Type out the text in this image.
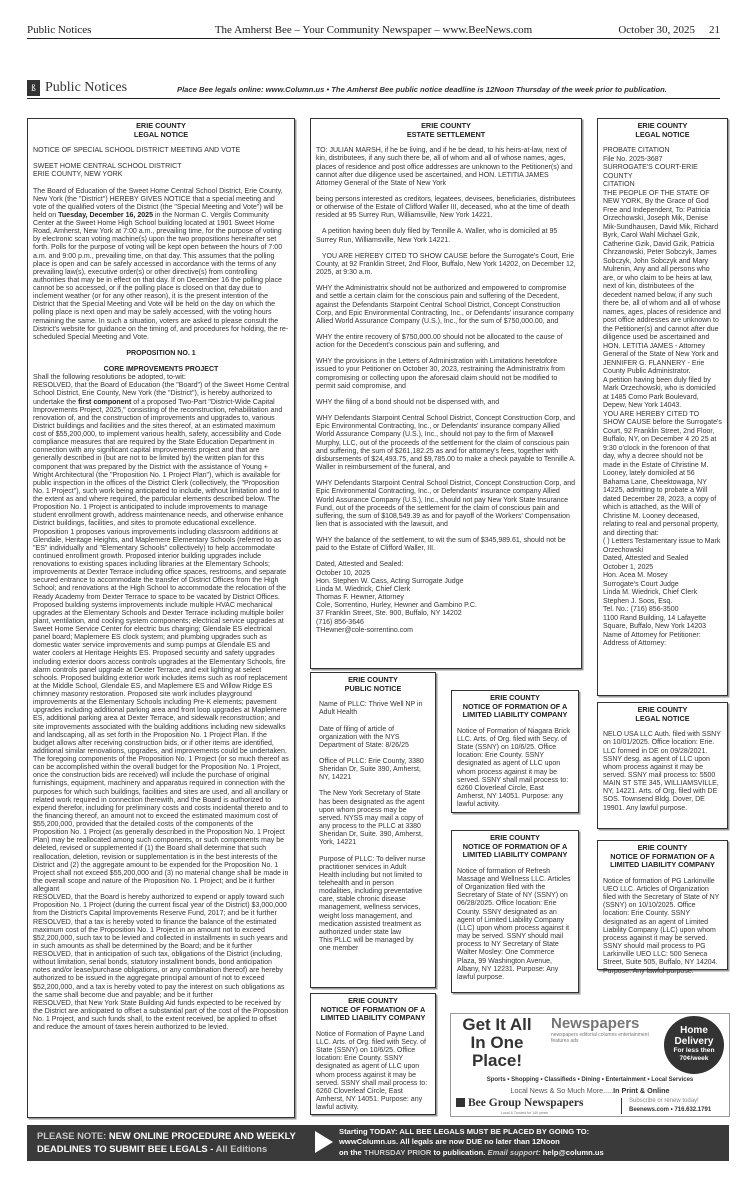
Public Notices	The Amherst Bee – Your Community Newspaper – www.BeeNews.com	October 30, 2025 21
ß Public Notices	Place Bee legals online: www.Column.us • The Amherst Bee public notice deadline is 12Noon Thursday of the week prior to publication.
ERIE COUNTY
LEGAL NOTICE

NOTICE OF SPECIAL SCHOOL DISTRICT MEETING AND VOTE

SWEET HOME CENTRAL SCHOOL DISTRICT
ERIE COUNTY, NEW YORK

The Board of Education of the Sweet Home Central School District, Erie County, New York (the "District") HEREBY GIVES NOTICE that a special meeting and vote of the qualified voters of the District (the "Special Meeting and Vote") will be held on Tuesday, December 16, 2025 in the Norman C. Vergils Community Center at the Sweet Home High School building located at 1901 Sweet Home Road, Amherst, New York at 7:00 a.m., prevailing time, for the purpose of voting by electronic scan voting machine(s) upon the two propositions hereinafter set forth. Polls for the purpose of voting will be kept open between the hours of 7:00 a.m. and 9:00 p.m., prevailing time, on that day. This assumes that the polling place is open and can be safely accessed in accordance with the terms of any prevailing law(s), executive order(s) or other directive(s) from controlling authorities that may be in effect on that day. If on December 16 the polling place cannot be so accessed, or if the polling place is closed on that day due to inclement weather (or for any other reason), it is the present intention of the District that the Special Meeting and Vote will be held on the day on which the polling place is next open and may be safely accessed, with the voting hours remaining the same. In such a situation, voters are asked to please consult the District's website for guidance on the timing of, and procedures for holding, the re-scheduled Special Meeting and Vote.

PROPOSITION NO. 1

CORE IMPROVEMENTS PROJECT

Shall the following resolutions be adopted, to-wit:

RESOLVED, that the Board of Education (the "Board") of the Sweet Home Central School District, Erie County, New York (the "District"), is hereby authorized to undertake the first component of a proposed Two-Part "District-Wide Capital Improvements Project, 2025," consisting of the reconstruction, rehabilitation and renovation of, and the construction of improvements and upgrades to, various District buildings and facilities and the sites thereof, at an estimated maximum cost of $55,200,000, to implement various health, safety, accessibility and Code compliance measures that are required by the State Education Department in connection with any significant capital improvements project and that are generally described in (but are not to be limited by) the written plan for this component that was prepared by the District with the assistance of Young + Wright Architectural (the "Proposition No. 1 Project Plan"), which is available for public inspection in the offices of the District Clerk (collectively, the "Proposition No. 1 Project"), such work being anticipated to include, without limitation and to the extent as and where required, the particular elements described below. The Proposition No. 1 Project is anticipated to include improvements to manage student enrollment growth, address maintenance needs, and otherwise enhance District buildings, facilities, and sites to promote educational excellence. Proposition 1 proposes various improvements including classroom additions at Glendale, Heritage Heights, and Maplemere Elementary Schools (referred to as "ES" individually and "Elementary Schools" collectively) to help accommodate continued enrollment growth. Proposed interior building upgrades include renovations to existing spaces including libraries at the Elementary Schools; improvements at Dexter Terrace including office spaces, restrooms, and separate secured entrance to accommodate the transfer of District Offices from the High School; and renovations at the High School to accommodate the relocation of the Ready Academy from Dexter Terrace to space to be vacated by District Offices. Proposed building systems improvements include multiple HVAC mechanical upgrades at the Elementary Schools and Dexter Terrace including multiple boiler plant, ventilation, and cooling system components; electrical service upgrades at Sweet Home Service Center for electric bus charging; Glendale ES electrical panel board; Maplemere ES clock system; and plumbing upgrades such as domestic water service improvements and sump pumps at Glendale ES and water coolers at Heritage Heights ES. Proposed security and safety upgrades including exterior doors access controls upgrades at the Elementary Schools, fire alarm controls panel upgrade at Dexter Terrace, and exit lighting at select schools. Proposed building exterior work includes items such as roof replacement at the Middle School, Glendale ES, and Maplemere ES and Willow Ridge ES chimney masonry restoration. Proposed site work includes playground improvements at the Elementary Schools including Pre-K elements; pavement upgrades including additional parking area and front loop upgrades at Maplemere ES, additional parking area at Dexter Terrace, and sidewalk reconstruction; and site improvements associated with the building additions including new sidewalks and landscaping, all as set forth in the Proposition No. 1 Project Plan. If the budget allows after receiving construction bids, or if other items are identified, additional similar renovations, upgrades, and improvements could be undertaken. The foregoing components of the Proposition No. 1 Project (or so much thereof as can be accomplished within the overall budget for the Proposition No. 1 Project, once the construction bids are received) will include the purchase of original furnishings, equipment, machinery and apparatus required in connection with the purposes for which such buildings, facilities and sites are used, and all ancillary or related work required in connection therewith, and the Board is authorized to expend therefor, including for preliminary costs and costs incidental thereto and to the financing thereof, an amount not to exceed the estimated maximum cost of $55,200,000, provided that the detailed costs of the components of the Proposition No. 1 Project (as generally described in the Proposition No. 1 Project Plan) may be reallocated among such components, or such components may be deleted, revised or supplemented if (1) the Board shall determine that such reallocation, deletion, revision or supplementation is in the best interests of the District and (2) the aggregate amount to be expended for the Proposition No. 1 Project shall not exceed $55,200,000 and (3) no material change shall be made in the overall scope and nature of the Proposition No. 1 Project; and be it further allegiant

RESOLVED, that the Board is hereby authorized to expend or apply toward such Proposition No. 1 Project (during the current fiscal year of the District) $3,000,000 from the District's Capital Improvements Reserve Fund, 2017; and be it further

RESOLVED, that a tax is hereby voted to finance the balance of the estimated maximum cost of the Proposition No. 1 Project in an amount not to exceed $52,200,000, such tax to be levied and collected in installments in such years and in such amounts as shall be determined by the Board; and be it further

RESOLVED, that in anticipation of such tax, obligations of the District (including, without limitation, serial bonds, statutory installment bonds, bond anticipation notes and/or lease/purchase obligations, or any combination thereof) are hereby authorized to be issued in the aggregate principal amount of not to exceed $52,200,000, and a tax is hereby voted to pay the interest on such obligations as the same shall become due and payable; and be it further

RESOLVED, that New York State Building Aid funds expected to be received by the District are anticipated to offset a substantial part of the cost of the Proposition No. 1 Project, and such funds shall, to the extent received, be applied to offset and reduce the amount of taxes herein authorized to be levied.

ERIE COUNTY
ESTATE SETTLEMENT

TO: JULIAN MARSH, if he be living, and if he be dead, to his heirs-at-law, next of kin, distributees, if any such there be, all of whom and all of whose names, ages, places of residence and post office addresses are unknown to the Petitioner(s) and cannot after due diligence used be ascertained, and HON. LETITIA JAMES Attorney General of the State of New York

being persons interested as creditors, legatees, devisees, beneficiaries, distributees or otherwise of the Estate of Clifford Waller III, deceased, who at the time of death resided at 95 Surrey Run, Williamsville, New York 14221.

A petition having been duly filed by Tennille A. Waller, who is domiciled at 95 Surrey Run, Williamsville, New York 14221.

YOU ARE HEREBY CITED TO SHOW CAUSE before the Surrogate's Court, Erie County, at 92 Franklin Street, 2nd Floor, Buffalo, New York 14202, on December 12, 2025, at 9:30 a.m.

WHY the Administratrix should not be authorized and empowered to compromise and settle a certain claim for the conscious pain and suffering of the Decedent, against the Defendants Starpoint Central School District, Concept Construction Corp, and Epic Environmental Contracting, Inc., or Defendants' insurance company Allied World Assurance Company (U.S.), Inc., for the sum of $750,000.00, and

WHY the entire recovery of $750,000.00 should not be allocated to the cause of action for the Decedent's conscious pain and suffering, and

WHY the provisions in the Letters of Administration with Limitations heretofore issued to your Petitioner on October 30, 2023, restraining the Administratrix from compromising or collecting upon the aforesaid claim should not be modified to permit said compromise, and

WHY the filing of a bond should not be dispensed with, and

WHY Defendants Starpoint Central School District, Concept Construction Corp, and Epic Environmental Contracting, Inc., or Defendants' insurance company Allied World Assurance Company (U.S.), Inc., should not pay to the firm of Maxwell Murphy, LLC, out of the proceeds of the settlement for the claim of conscious pain and suffering, the sum of $261,182.25 as and for attorney's fees, together with disbursements of $24,493.75, and $9,785.00 to make a check payable to Tennille A. Waller in reimbursement of the funeral, and

WHY Defendants Starpoint Central School District, Concept Construction Corp, and Epic Environmental Contracting, Inc., or Defendants' insurance company Allied World Assurance Company (U.S.), Inc., should not pay New York State Insurance Fund, out of the proceeds of the settlement for the claim of conscious pain and suffering, the sum of $108,549.39 as and for payoff of the Workers' Compensation lien that is associated with the lawsuit, and

WHY the balance of the settlement, to wit the sum of $345,989.61, should not be paid to the Estate of Clifford Waller, III.

Dated, Attested and Sealed:
October 10, 2025
Hon. Stephen W. Cass, Acting Surrogate Judge
Linda M. Wiedrick, Chief Clerk
Thomas F. Hewner, Attorney
Cole, Sorrentino, Hurley, Hewner and Gambino P.C.
37 Franklin Street, Ste. 900, Buffalo, NY 14202
(716) 856-3646
THewner@cole-sorrentino.com

ERIE COUNTY
LEGAL NOTICE

PROBATE CITATION
File No. 2025-3687
SURROGATE'S COURT-ERIE COUNTY
CITATION
THE PEOPLE OF THE STATE OF NEW YORK, By the Grace of God Free and Independent, To: Patricia Orzechowski, Joseph Mik, Denise Mik-Sundhausen, David Mik, Richard Byrk, Carol Wahl Michael Gzik, Catherine Gzik, David Gzik, Patricia Chrzanowski, Peter Sobczyk, James Sobczyk, John Sobczyk and Mary Mulrenin, Any and all persons who are, or who claim to be heirs at law, next of kin, distributees of the decedent named below, if any such there be, all of whom and all of whose names, ages, places of residence and post office addresses are unknown to the Petitioner(s) and cannot after due diligence used be ascertained and HON. LETITIA JAMES - Attorney General of the State of New York and JENNIFER G. FLANNERY - Erie County Public Administrator.
A petition having been duly filed by Mark Orzechowski, who is domiciled at 1485 Como Park Boulevard, Depew, New York 14043.
YOU ARE HEREBY CITED TO SHOW CAUSE before the Surrogate's Court, 92 Franklin Street, 2nd Floor, Buffalo, NY, on December 4 20 25 at 9:30 o'clock in the forenoon of that day, why a decree should not be made in the Estate of Christine M. Looney, lately domiciled at 56 Bahama Lane, Cheektowaga, NY 14225, admitting to probate a Will dated December 28, 2023, a copy of which is attached, as the Will of Christine M. Looney deceased, relating to real and personal property, and directing that:
( ) Letters Testamentary issue to Mark Orzechowski
Dated, Attested and Sealed
October 1, 2025
Hon. Acea M. Mosey
Surrogate's Court Judge
Linda M. Wiedrick, Chief Clerk
Stephen J. Soos, Esq.
Tel. No.: (716) 856-3500
1100 Rand Building, 14 Lafayette Square, Buffalo, New York 14203
Name of Attorney for Petitioner:
Address of Attorney:

ERIE COUNTY
PUBLIC NOTICE

Name of PLLC: Thrive Well NP in Adult Health

Date of filing of article of organization with the NYS Department of State: 8/26/25

Office of PLLC: Erie County, 3380 Sheridan Dr, Suite 390, Amherst, NY, 14221

The New York Secretary of State has been designated as the agent upon whom process may be served. NYSS may mail a copy of any process to the PLLC at 3380 Sheridan Dr, Suite. 390, Amherst, York, 14221

Purpose of PLLC: To deliver nurse practitioner services in Adult Health including but not limited to telehealth and in person modalities, including preventative care, stable chronic disease management, wellness services, weight loss management, and medication assisted treatment as authorized under state law

This PLLC will be managed by one member

ERIE COUNTY
NOTICE OF FORMATION OF A LIMITED LIABILITY COMPANY

Notice of Formation of Niagara Brick LLC. Arts. of Org. filed with Secy. of State (SSNY) on 10/6/25. Office location: Erie County. SSNY designated as agent of LLC upon whom process against it may be served. SSNY shall mail process to: 6260 Cloverleaf Circle, East Amherst, NY 14051. Purpose: any lawful activity.

ERIE COUNTY
NOTICE OF FORMATION OF A LIMITED LIABILITY COMPANY

Notice of formation of Refresh Massage and Wellness LLC. Articles of Organization filed with the Secretary of State of NY (SSNY) on 06/28/2025. Office location: Erie County. SSNY designated as an agent of Limited Liability Company (LLC) upon whom process against it may be served. SSNY should mail process to NY Secretary of State Walter Mosley: One Commerce Plaza, 99 Washington Avenue, Albany, NY 12231. Purpose: Any lawful purpose.

ERIE COUNTY
NOTICE OF FORMATION OF A LIMITED LIABILITY COMPANY

Notice of Formation of Payne Land LLC. Arts. of Org. filed with Secy. of State (SSNY) on 10/6/25. Office location: Erie County. SSNY designated as agent of LLC upon whom process against it may be served. SSNY shall mail process to: 6260 Cloverleaf Circle, East Amherst, NY 14051. Purpose: any lawful activity.

ERIE COUNTY
LEGAL NOTICE

NELO USA LLC Auth. filed with SSNY on 10/01/2025. Office location: Erie. LLC formed in DE on 09/28/2021. SSNY desg. as agent of LLC upon whom process against it may be served. SSNY mail process to: 5500 MAIN ST STE 345, WILLIAMSVILLE, NY, 14221. Arts. of Org. filed with DE SOS. Townsend Bldg. Dover, DE 19901. Any lawful purpose.

ERIE COUNTY
NOTICE OF FORMATION OF A LIMITED LIABILITY COMPANY

Notice of formation of PG Larkinville UEO LLC. Articles of Organization filed with the Secretary of State of NY (SSNY) on 10/10/2025. Office location: Erie County. SSNY designated as an agent of Limited Liability Company (LLC) upon whom process against it may be served. SSNY should mail process to PG Larkinville UEO LLC: 500 Seneca Street, Suite 505, Buffalo, NY 14204. Purpose: Any lawful purpose.

Get It All In One Place!
Newspapers
newspapers editorial columns entertainment features ads
Home Delivery
For less then 70¢/week
Sports • Shopping • Classifieds • Dining • Entertainment • Local Services
Local News & So Much More.....In Print & Online
Bee Group Newspapers
Local & Trusted for 140 years
Subscribe or renew today!
Beenews.com • 716.632.1791
PLEASE NOTE: NEW ONLINE PROCEDURE AND WEEKLY DEADLINES TO SUBMIT BEE LEGALS - All Editions
Starting TODAY: ALL BEE LEGALS MUST BE PLACED BY GOING TO:
wwwColumn.us. All legals are now DUE no later than 12Noon
on the THURSDAY PRIOR to publication. Email support: help@column.us
